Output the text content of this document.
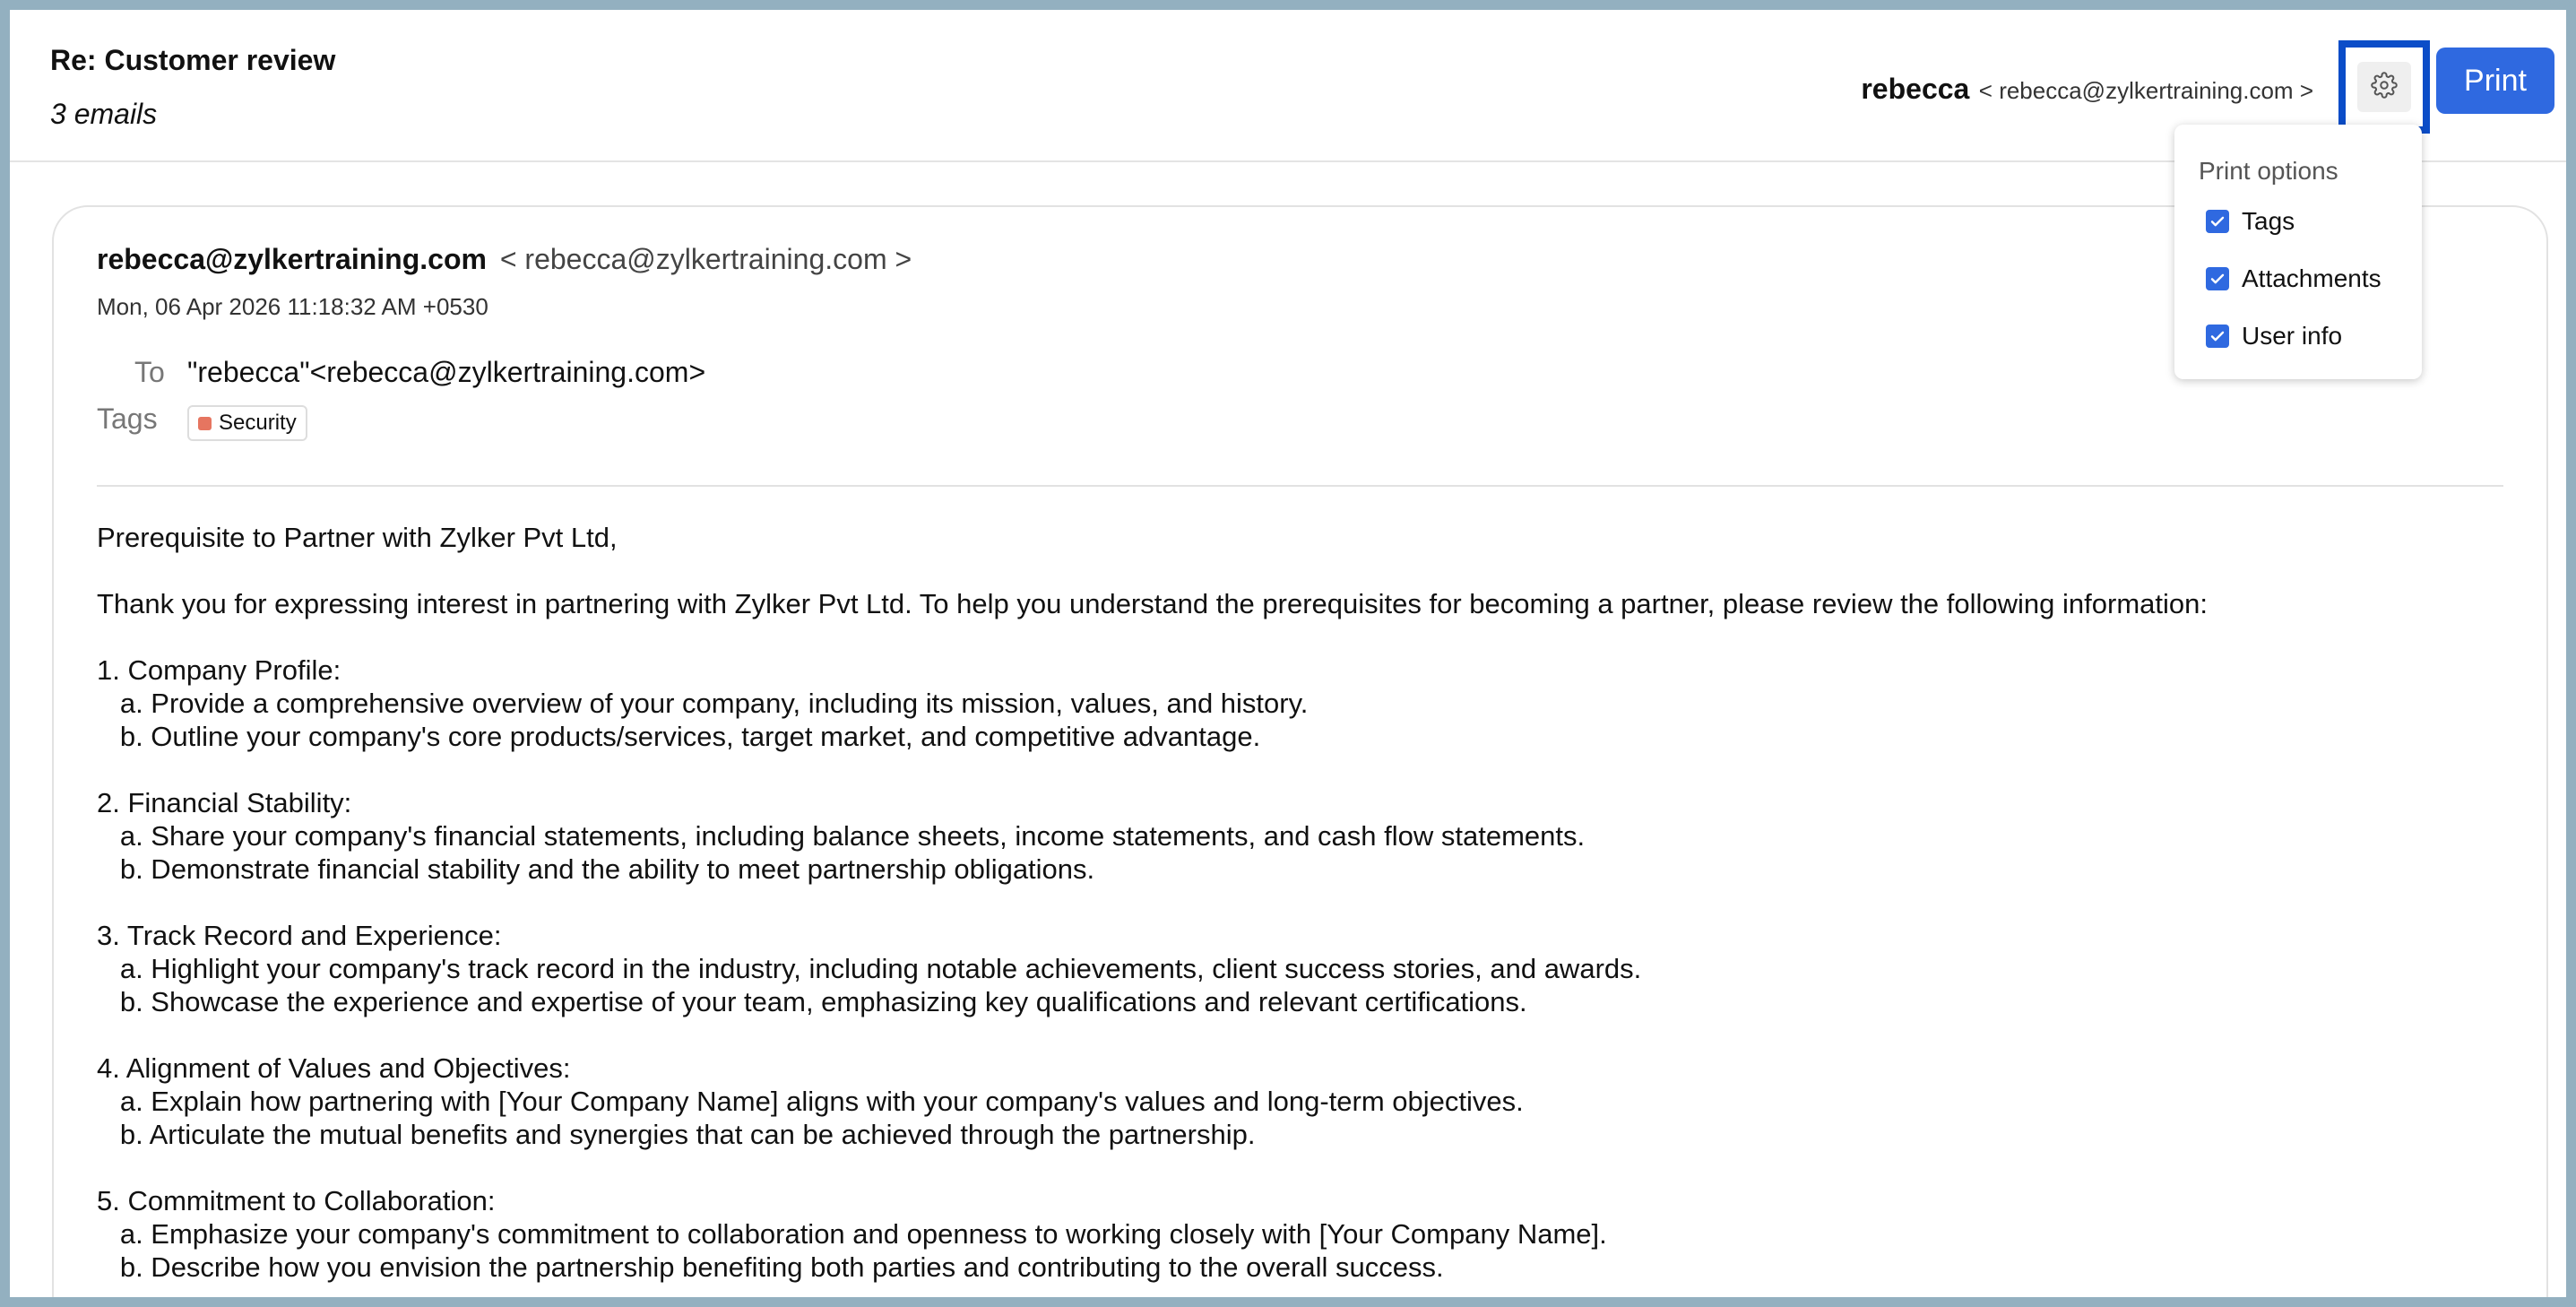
Re: Customer review
3 emails
rebecca < rebecca@zylkertraining.com >	Print
Print options
Tags
Attachments
User info
rebecca@zylkertraining.com < rebecca@zylkertraining.com >
Mon, 06 Apr 2026 11:18:32 AM +0530
To "rebecca"<rebecca@zylkertraining.com>
Tags	Security
Prerequisite to Partner with Zylker Pvt Ltd,

Thank you for expressing interest in partnering with Zylker Pvt Ltd. To help you understand the prerequisites for becoming a partner, please review the following information:

1. Company Profile:
a. Provide a comprehensive overview of your company, including its mission, values, and history.
b. Outline your company's core products/services, target market, and competitive advantage.

2. Financial Stability:
a. Share your company's financial statements, including balance sheets, income statements, and cash flow statements.
b. Demonstrate financial stability and the ability to meet partnership obligations.

3. Track Record and Experience:
a. Highlight your company's track record in the industry, including notable achievements, client success stories, and awards.
b. Showcase the experience and expertise of your team, emphasizing key qualifications and relevant certifications.

4. Alignment of Values and Objectives:
a. Explain how partnering with [Your Company Name] aligns with your company's values and long-term objectives.
b. Articulate the mutual benefits and synergies that can be achieved through the partnership.

5. Commitment to Collaboration:
a. Emphasize your company's commitment to collaboration and openness to working closely with [Your Company Name].
b. Describe how you envision the partnership benefiting both parties and contributing to the overall success.
